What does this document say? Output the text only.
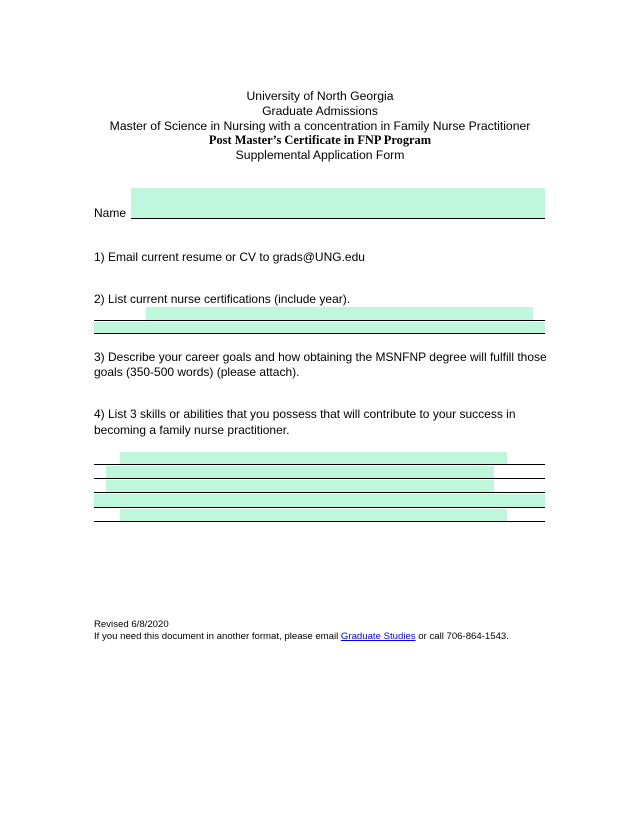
University of North Georgia
Graduate Admissions
Master of Science in Nursing with a concentration in Family Nurse Practitioner
Post Master’s Certificate in FNP Program
Supplemental Application Form
Name
1) Email current resume or CV to grads@UNG.edu
2) List current nurse certifications (include year).
3) Describe your career goals and how obtaining the MSNFNP degree will fulfill those
goals (350-500 words) (please attach).
4) List 3 skills or abilities that you possess that will contribute to your success in
becoming a family nurse practitioner.
Revised 6/8/2020
If you need this document in another format, please email Graduate Studies or call 706-864-1543.
